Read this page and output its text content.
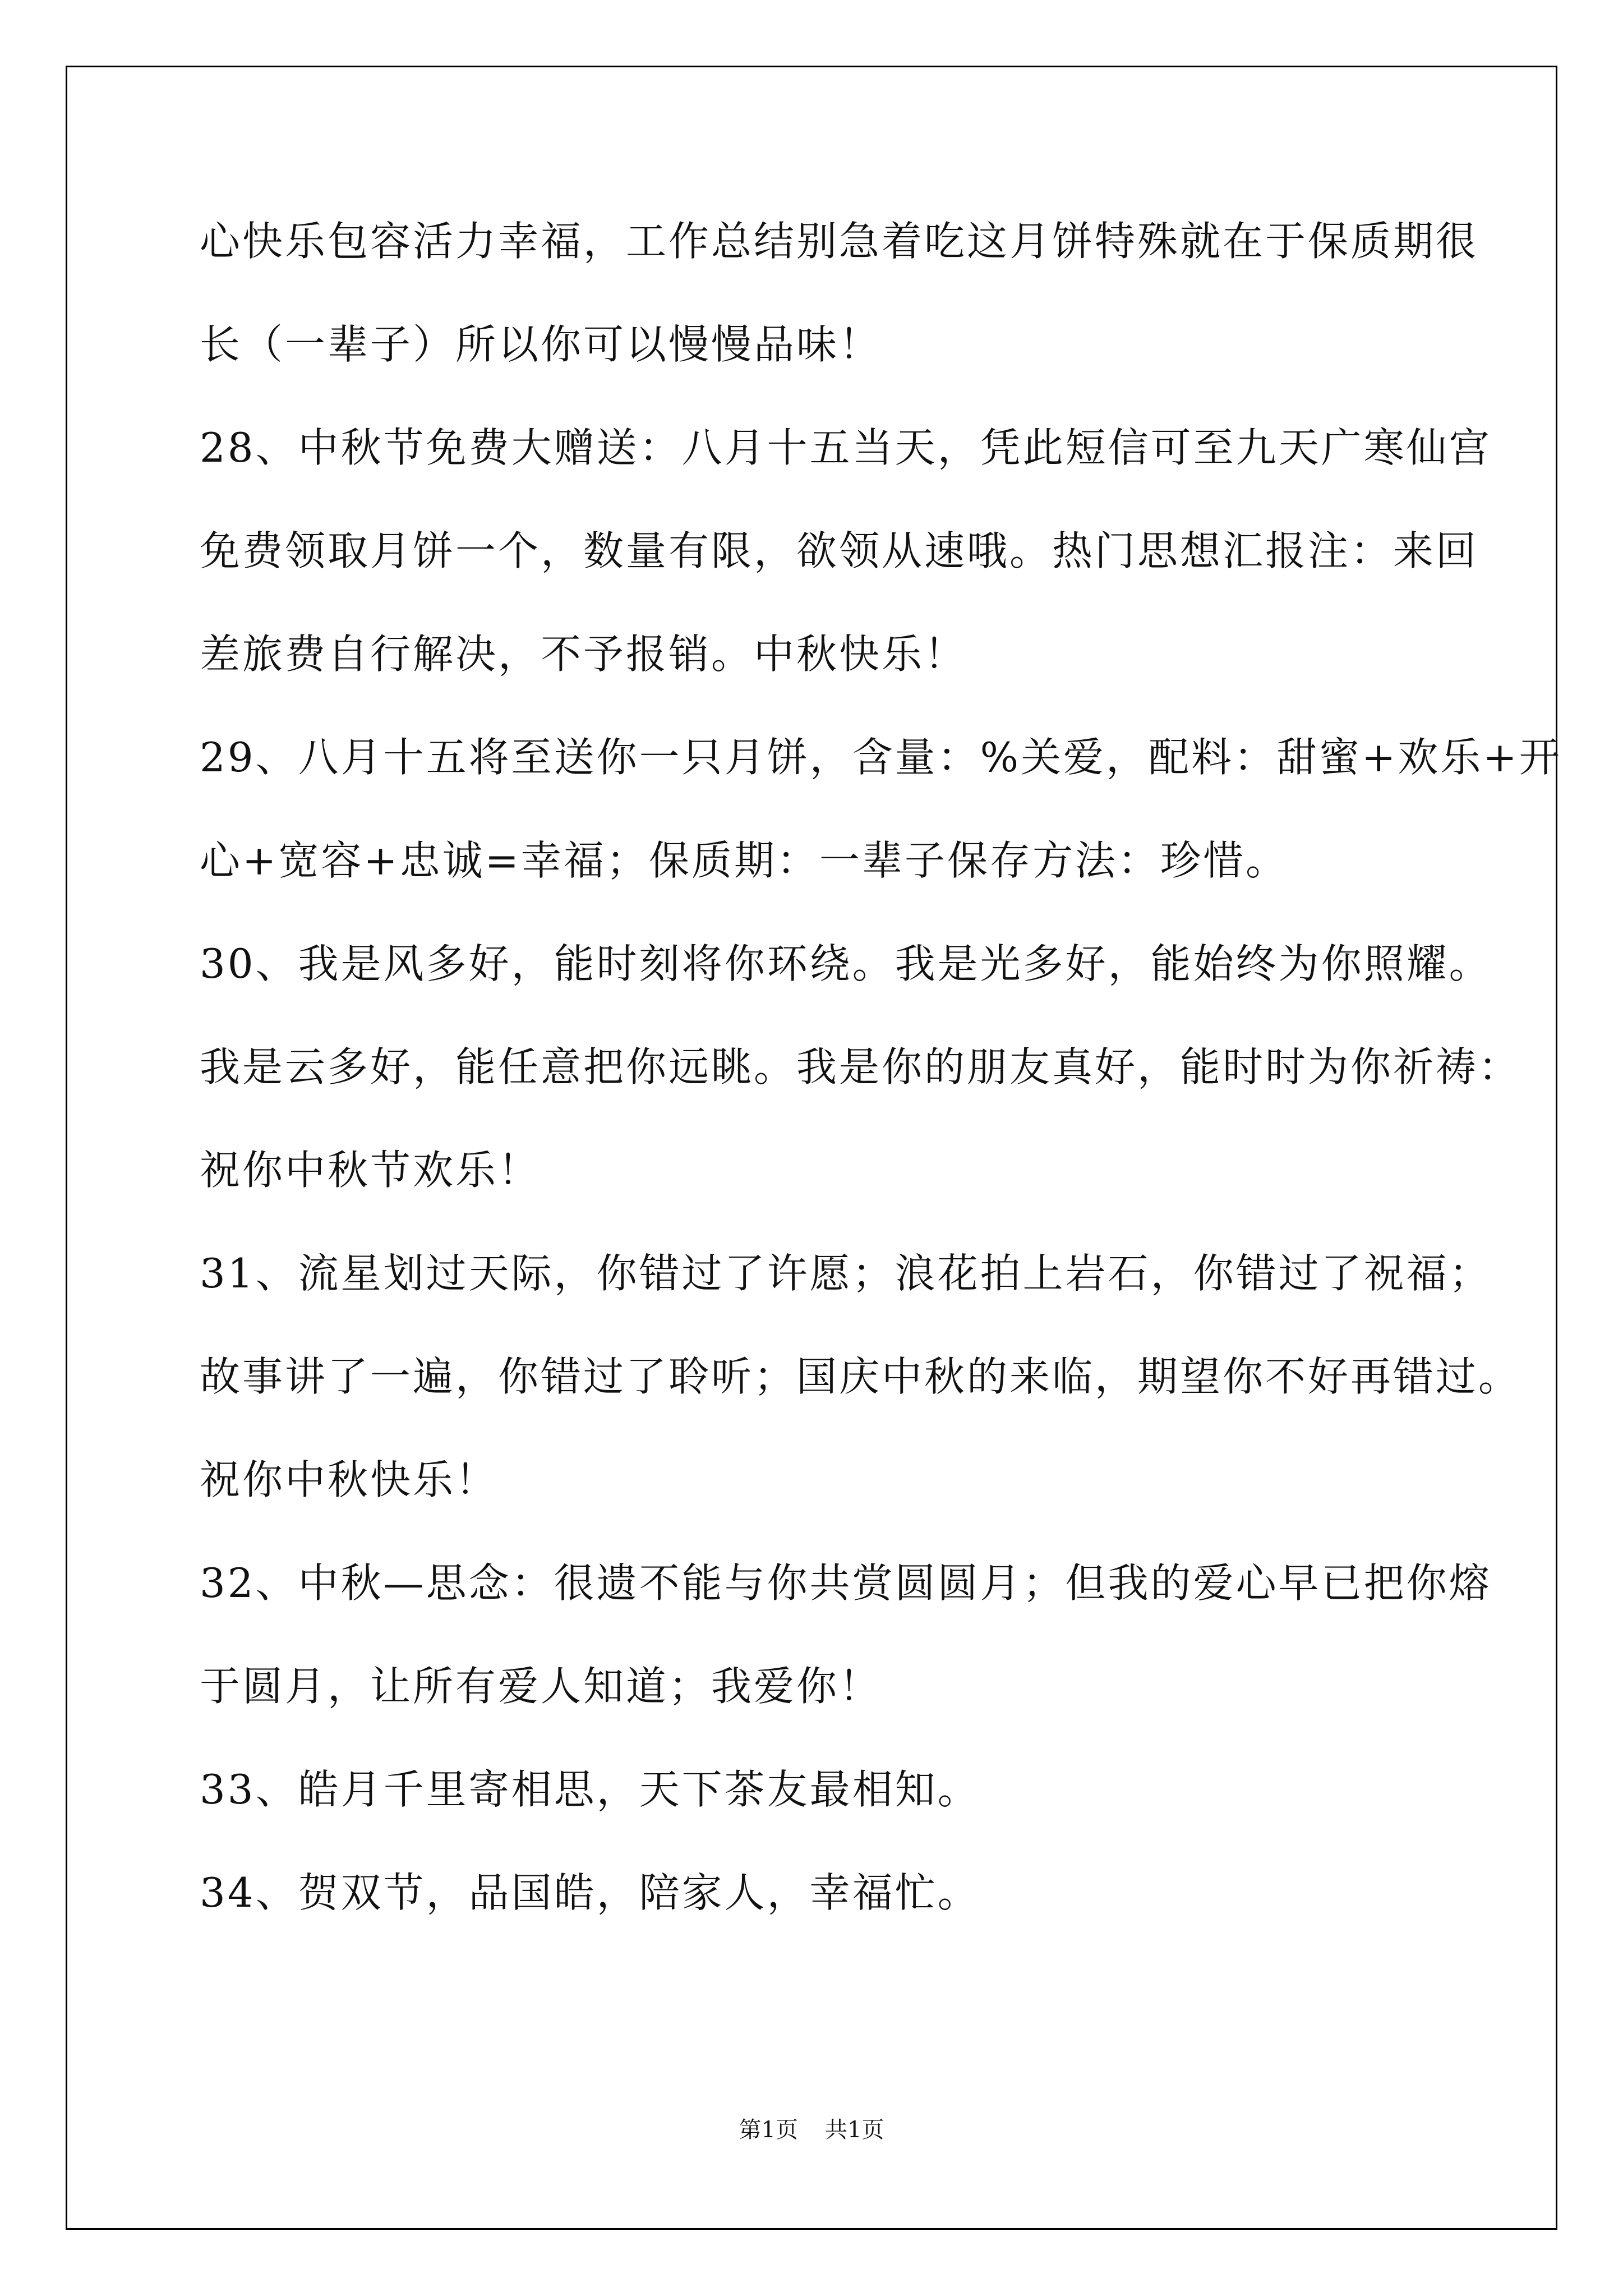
心快乐包容活力幸福，工作总结别急着吃这月饼特殊就在于保质期很
长（一辈子）所以你可以慢慢品味！
28、中秋节免费大赠送：八月十五当天，凭此短信可至九天广寒仙宫
免费领取月饼一个，数量有限，欲领从速哦。热门思想汇报注：来回
差旅费自行解决，不予报销。中秋快乐！
29、八月十五将至送你一只月饼，含量：%关爱，配料：甜蜜+欢乐+开
心+宽容+忠诚=幸福；保质期：一辈子保存方法：珍惜。
30、我是风多好，能时刻将你环绕。我是光多好，能始终为你照耀。
我是云多好，能任意把你远眺。我是你的朋友真好，能时时为你祈祷：
祝你中秋节欢乐！
31、流星划过天际，你错过了许愿；浪花拍上岩石，你错过了祝福；
故事讲了一遍，你错过了聆听；国庆中秋的来临，期望你不好再错过。
祝你中秋快乐！
32、中秋—思念：很遗不能与你共赏圆圆月；但我的爱心早已把你熔
于圆月，让所有爱人知道；我爱你！
33、皓月千里寄相思，天下茶友最相知。
34、贺双节，品国皓，陪家人，幸福忙。
第1页 共1页
